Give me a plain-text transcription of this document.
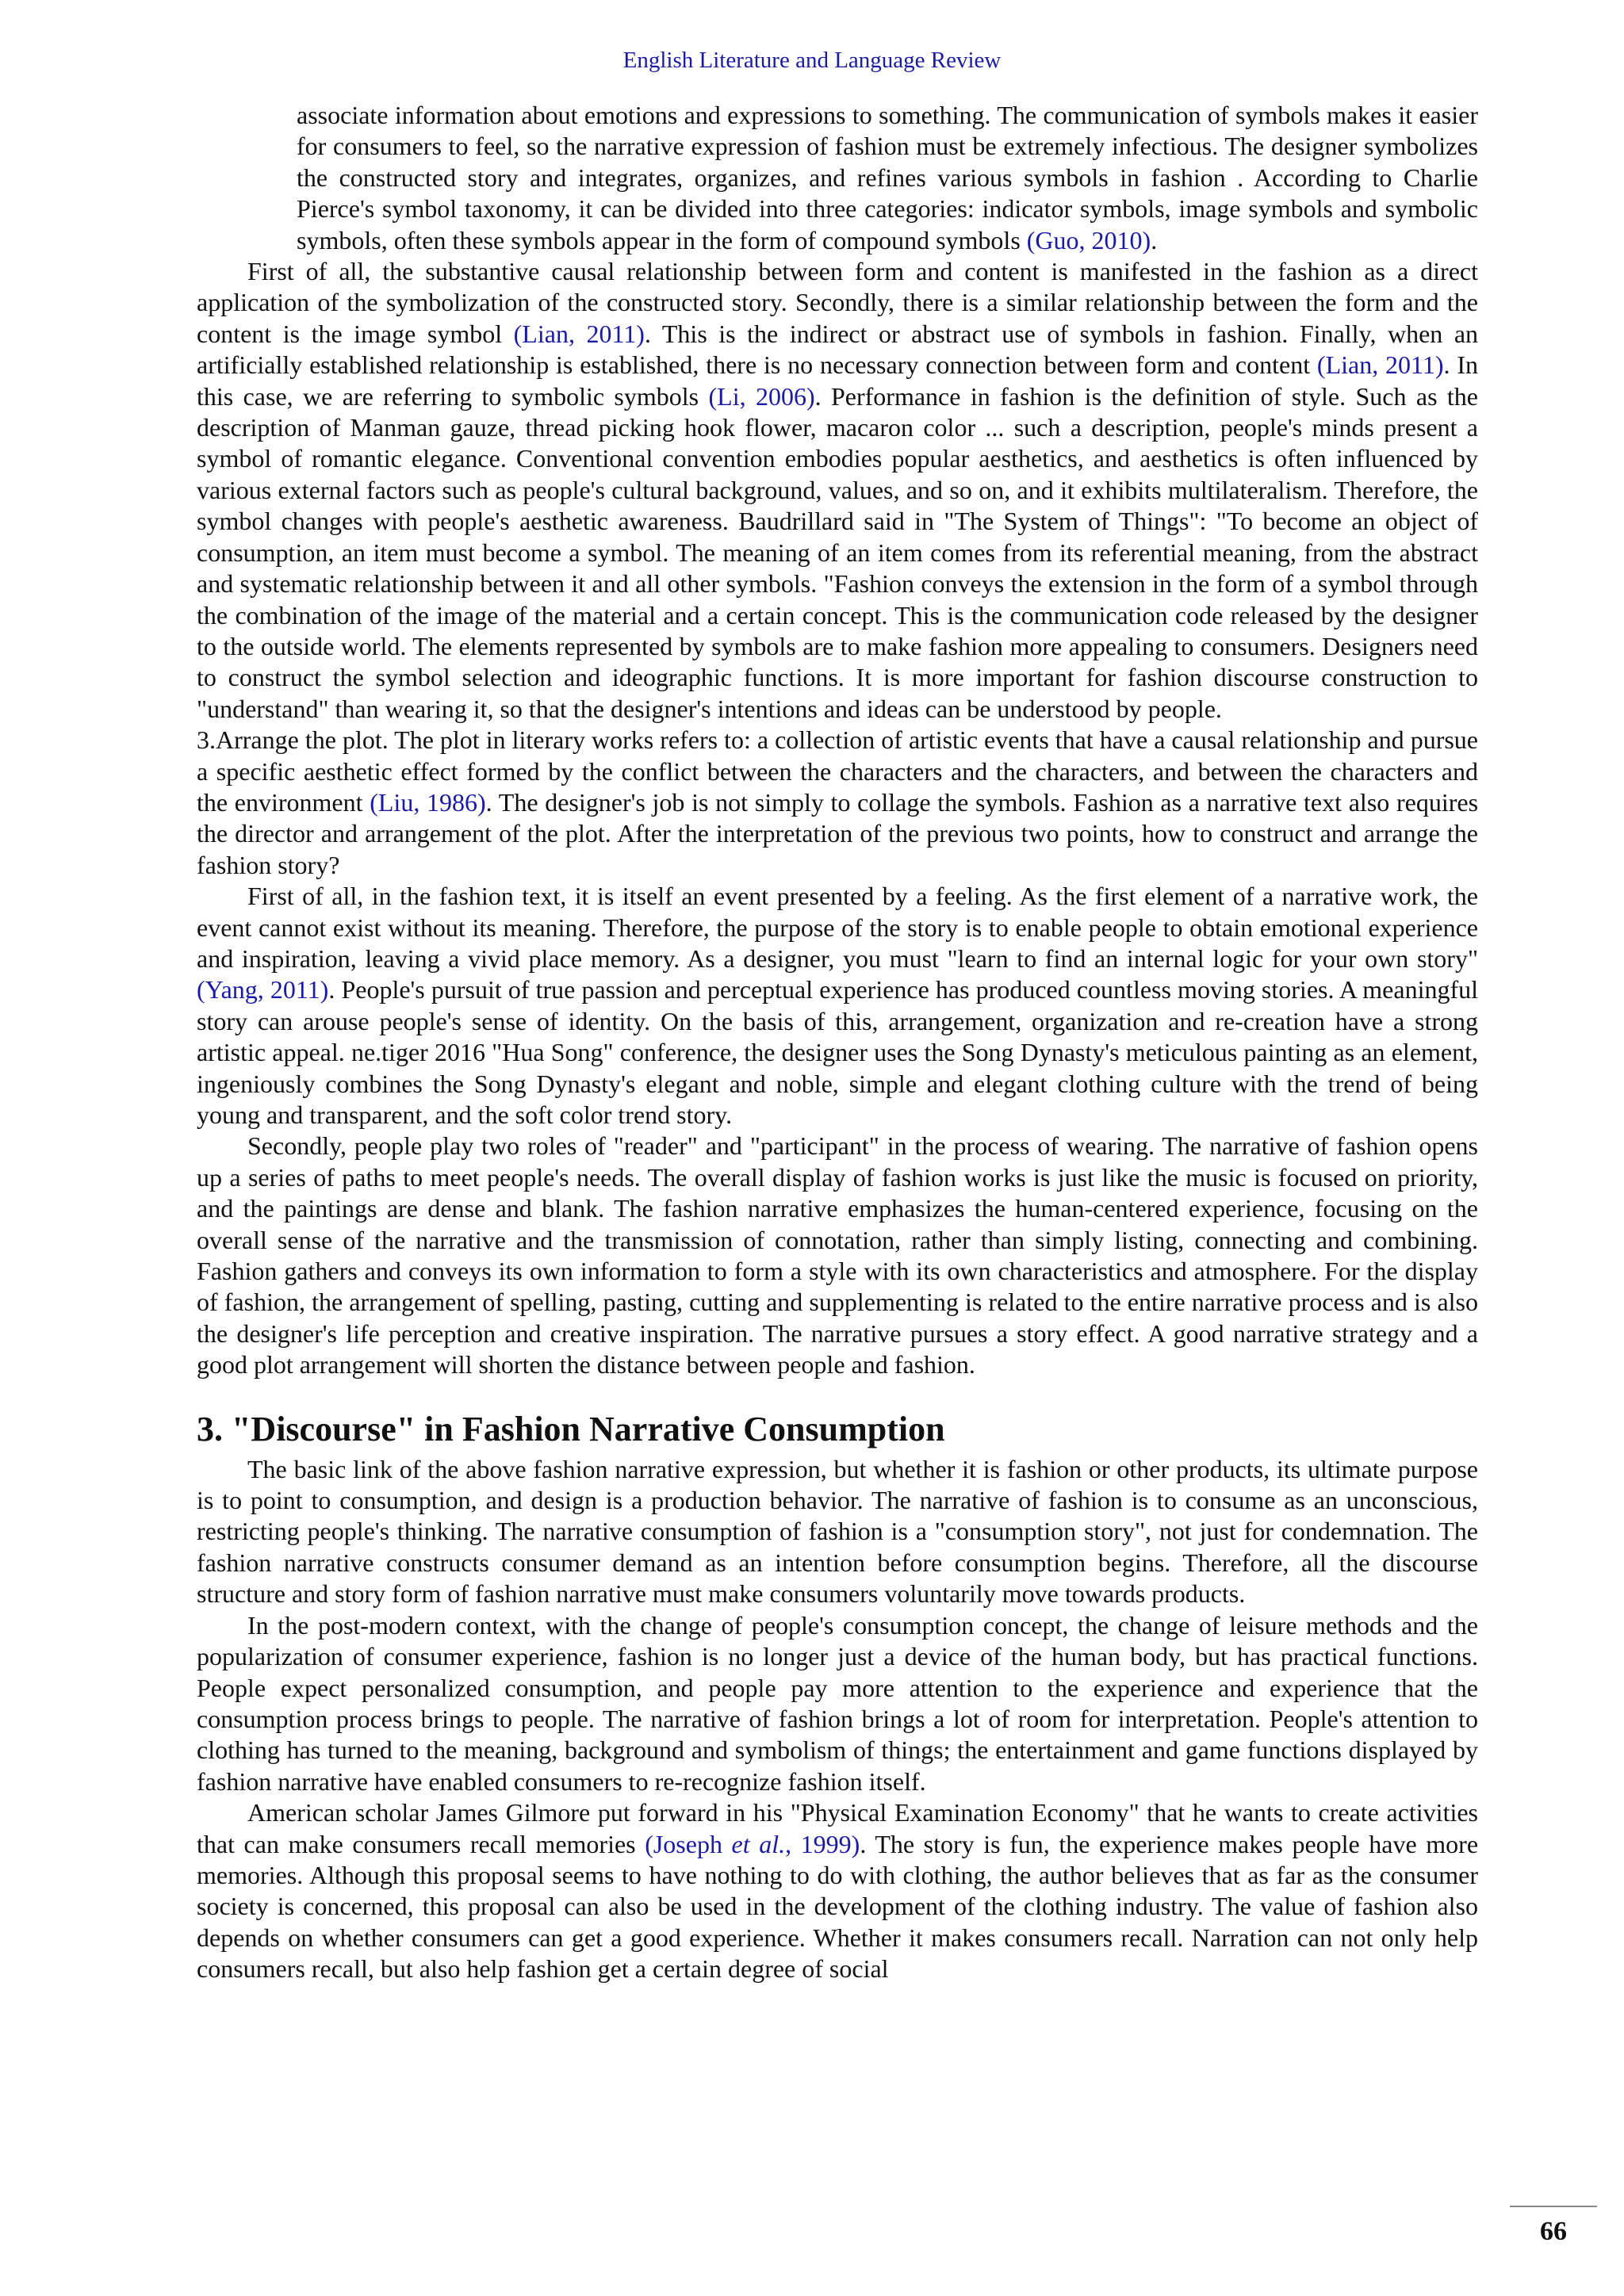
English Literature and Language Review

associate information about emotions and expressions to something. The communication of symbols makes it easier for consumers to feel, so the narrative expression of fashion must be extremely infectious. The designer symbolizes the constructed story and integrates, organizes, and refines various symbols in fashion . According to Charlie Pierce's symbol taxonomy, it can be divided into three categories: indicator symbols, image symbols and symbolic symbols, often these symbols appear in the form of compound symbols (Guo, 2010).

First of all, the substantive causal relationship between form and content is manifested in the fashion as a direct application of the symbolization of the constructed story. Secondly, there is a similar relationship between the form and the content is the image symbol (Lian, 2011). This is the indirect or abstract use of symbols in fashion. Finally, when an artificially established relationship is established, there is no necessary connection between form and content (Lian, 2011). In this case, we are referring to symbolic symbols (Li, 2006). Performance in fashion is the definition of style. Such as the description of Manman gauze, thread picking hook flower, macaron color ... such a description, people's minds present a symbol of romantic elegance. Conventional convention embodies popular aesthetics, and aesthetics is often influenced by various external factors such as people's cultural background, values, and so on, and it exhibits multilateralism. Therefore, the symbol changes with people's aesthetic awareness. Baudrillard said in "The System of Things": "To become an object of consumption, an item must become a symbol. The meaning of an item comes from its referential meaning, from the abstract and systematic relationship between it and all other symbols. "Fashion conveys the extension in the form of a symbol through the combination of the image of the material and a certain concept. This is the communication code released by the designer to the outside world. The elements represented by symbols are to make fashion more appealing to consumers. Designers need to construct the symbol selection and ideographic functions. It is more important for fashion discourse construction to "understand" than wearing it, so that the designer's intentions and ideas can be understood by people.

3.Arrange the plot. The plot in literary works refers to: a collection of artistic events that have a causal relationship and pursue a specific aesthetic effect formed by the conflict between the characters and the characters, and between the characters and the environment (Liu, 1986). The designer's job is not simply to collage the symbols. Fashion as a narrative text also requires the director and arrangement of the plot. After the interpretation of the previous two points, how to construct and arrange the fashion story?

First of all, in the fashion text, it is itself an event presented by a feeling. As the first element of a narrative work, the event cannot exist without its meaning. Therefore, the purpose of the story is to enable people to obtain emotional experience and inspiration, leaving a vivid place memory. As a designer, you must "learn to find an internal logic for your own story"(Yang, 2011). People's pursuit of true passion and perceptual experience has produced countless moving stories. A meaningful story can arouse people's sense of identity. On the basis of this, arrangement, organization and re-creation have a strong artistic appeal. ne.tiger 2016 "Hua Song" conference, the designer uses the Song Dynasty's meticulous painting as an element, ingeniously combines the Song Dynasty's elegant and noble, simple and elegant clothing culture with the trend of being young and transparent, and the soft color trend story.

Secondly, people play two roles of "reader" and "participant" in the process of wearing. The narrative of fashion opens up a series of paths to meet people's needs. The overall display of fashion works is just like the music is focused on priority, and the paintings are dense and blank. The fashion narrative emphasizes the human-centered experience, focusing on the overall sense of the narrative and the transmission of connotation, rather than simply listing, connecting and combining. Fashion gathers and conveys its own information to form a style with its own characteristics and atmosphere. For the display of fashion, the arrangement of spelling, pasting, cutting and supplementing is related to the entire narrative process and is also the designer's life perception and creative inspiration. The narrative pursues a story effect. A good narrative strategy and a good plot arrangement will shorten the distance between people and fashion.

3. "Discourse" in Fashion Narrative Consumption

The basic link of the above fashion narrative expression, but whether it is fashion or other products, its ultimate purpose is to point to consumption, and design is a production behavior. The narrative of fashion is to consume as an unconscious, restricting people's thinking. The narrative consumption of fashion is a "consumption story", not just for condemnation. The fashion narrative constructs consumer demand as an intention before consumption begins. Therefore, all the discourse structure and story form of fashion narrative must make consumers voluntarily move towards products.

In the post-modern context, with the change of people's consumption concept, the change of leisure methods and the popularization of consumer experience, fashion is no longer just a device of the human body, but has practical functions. People expect personalized consumption, and people pay more attention to the experience and experience that the consumption process brings to people. The narrative of fashion brings a lot of room for interpretation. People's attention to clothing has turned to the meaning, background and symbolism of things; the entertainment and game functions displayed by fashion narrative have enabled consumers to re-recognize fashion itself.

American scholar James Gilmore put forward in his "Physical Examination Economy" that he wants to create activities that can make consumers recall memories (Joseph et al., 1999). The story is fun, the experience makes people have more memories. Although this proposal seems to have nothing to do with clothing, the author believes that as far as the consumer society is concerned, this proposal can also be used in the development of the clothing industry. The value of fashion also depends on whether consumers can get a good experience. Whether it makes consumers recall. Narration can not only help consumers recall, but also help fashion get a certain degree of social

66
